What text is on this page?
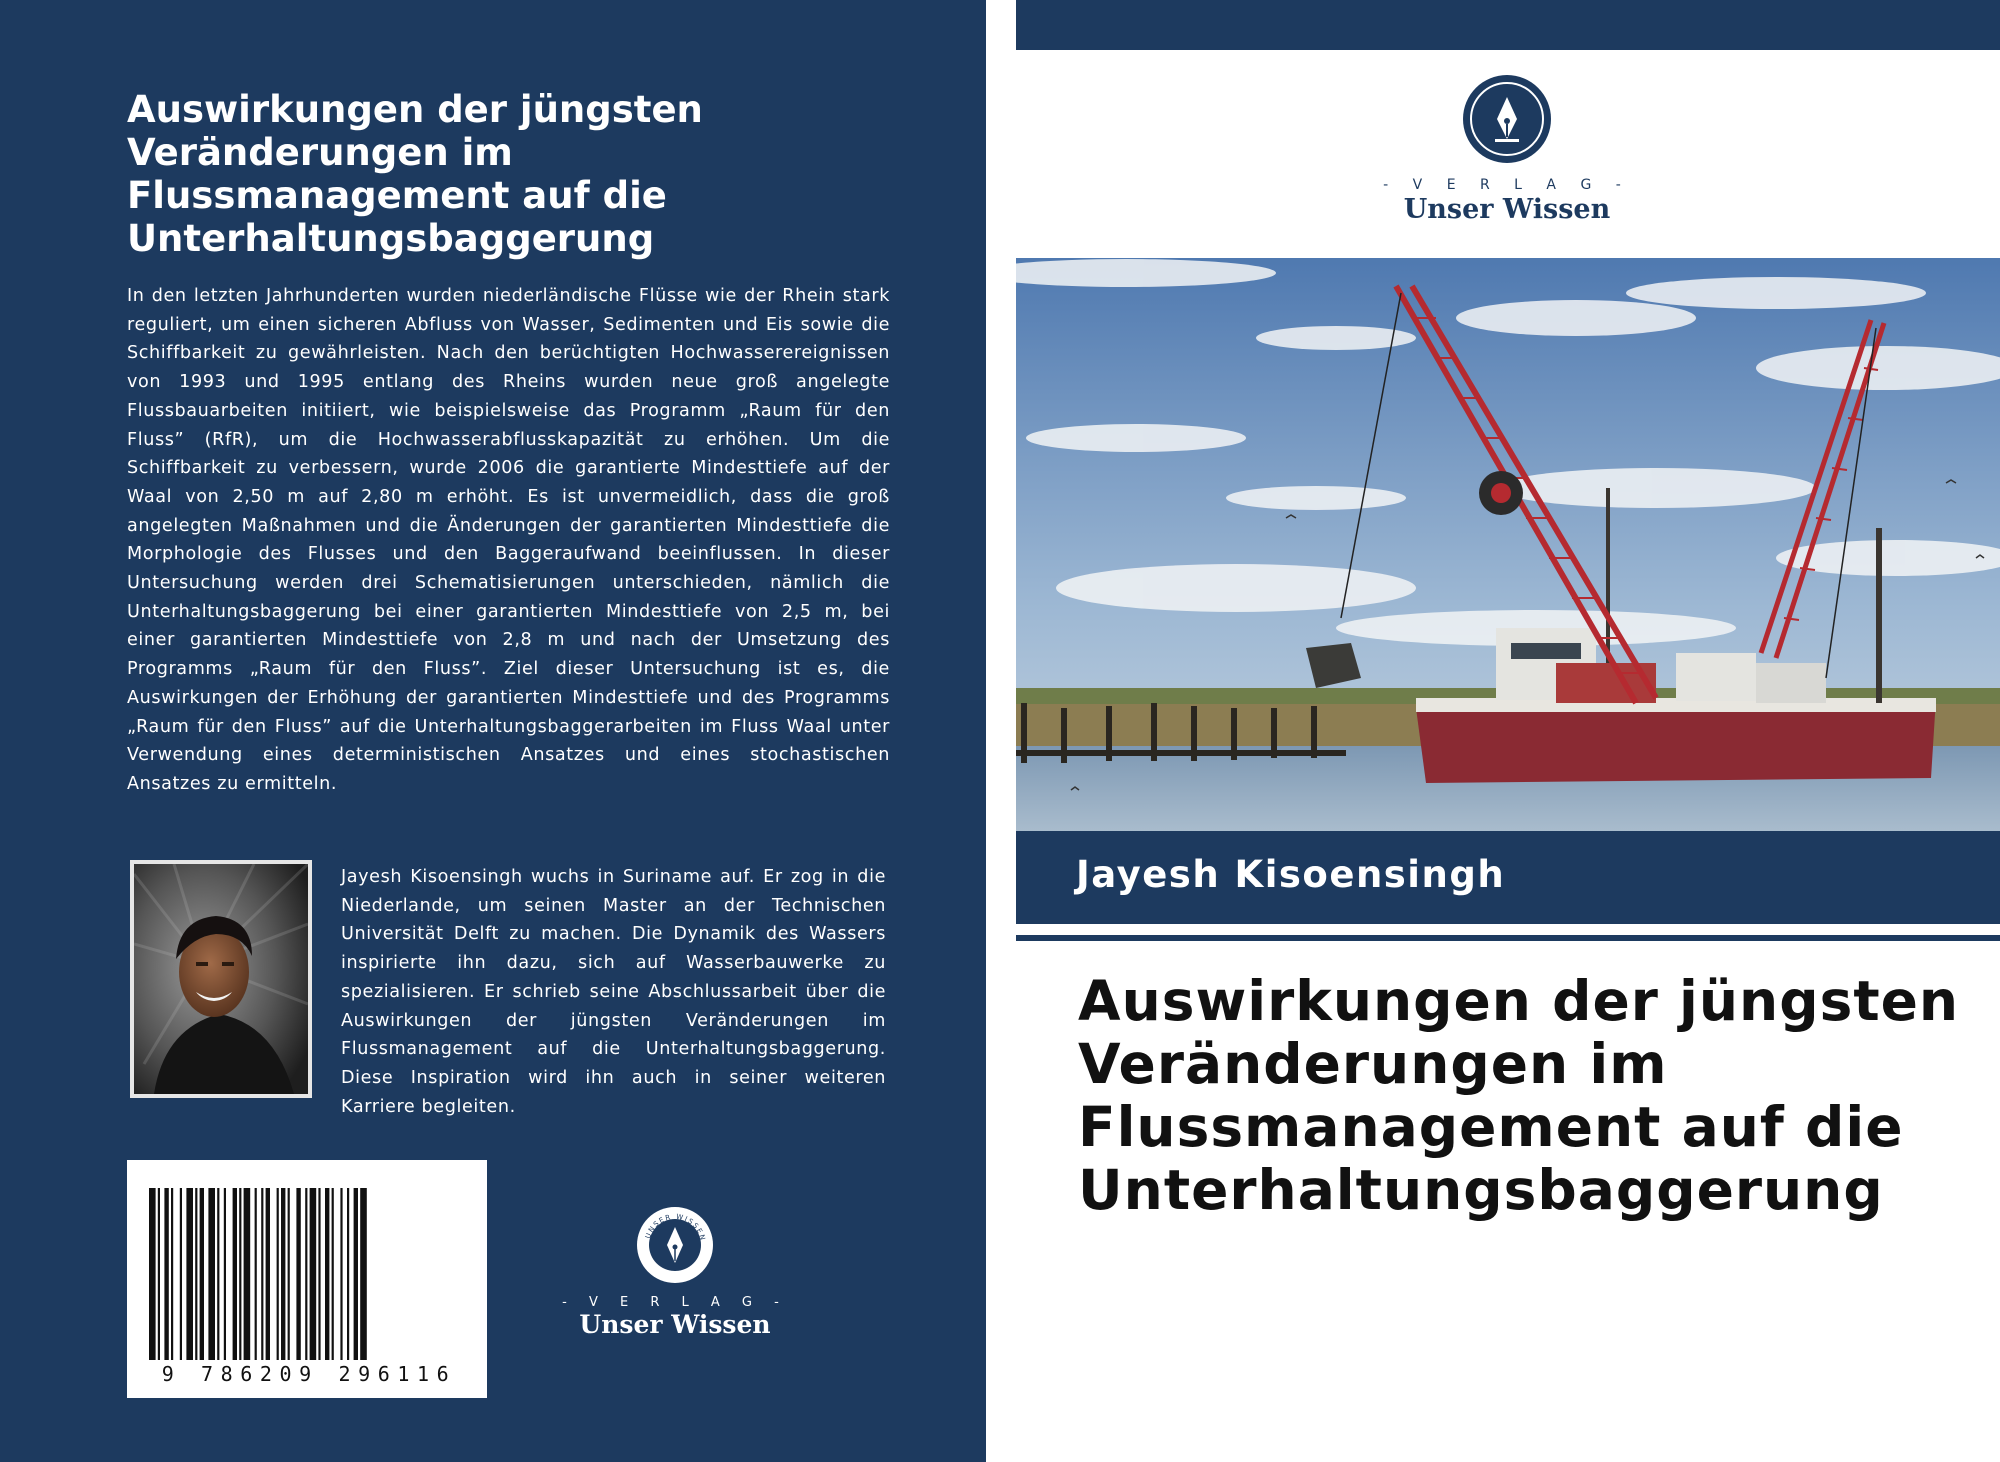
Auswirkungen der jüngsten Veränderungen im Flussmanagement auf die Unterhaltungsbaggerung

In den letzten Jahrhunderten wurden niederländische Flüsse wie der Rhein stark reguliert, um einen sicheren Abfluss von Wasser, Sedimenten und Eis sowie die Schiffbarkeit zu gewährleisten. Nach den berüchtigten Hochwasserereignissen von 1993 und 1995 entlang des Rheins wurden neue groß angelegte Flussbauarbeiten initiiert, wie beispielsweise das Programm „Raum für den Fluss” (RfR), um die Hochwasserabflusskapazität zu erhöhen. Um die Schiffbarkeit zu verbessern, wurde 2006 die garantierte Mindesttiefe auf der Waal von 2,50 m auf 2,80 m erhöht. Es ist unvermeidlich, dass die groß angelegten Maßnahmen und die Änderungen der garantierten Mindesttiefe die Morphologie des Flusses und den Baggeraufwand beeinflussen. In dieser Untersuchung werden drei Schematisierungen unterschieden, nämlich die Unterhaltungsbaggerung bei einer garantierten Mindesttiefe von 2,5 m, bei einer garantierten Mindesttiefe von 2,8 m und nach der Umsetzung des Programms „Raum für den Fluss”. Ziel dieser Untersuchung ist es, die Auswirkungen der Erhöhung der garantierten Mindesttiefe und des Programms „Raum für den Fluss” auf die Unterhaltungsbaggerarbeiten im Fluss Waal unter Verwendung eines deterministischen Ansatzes und eines stochastischen Ansatzes zu ermitteln.

Jayesh Kisoensingh wuchs in Suriname auf. Er zog in die Niederlande, um seinen Master an der Technischen Universität Delft zu machen. Die Dynamik des Wassers inspirierte ihn dazu, sich auf Wasserbauwerke zu spezialisieren. Er schrieb seine Abschlussarbeit über die Auswirkungen der jüngsten Veränderungen im Flussmanagement auf die Unterhaltungsbaggerung. Diese Inspiration wird ihn auch in seiner weiteren Karriere begleiten.

9 786209 296116
UNSER WISSEN
- V E R L A G -
Unser Wissen
- V E R L A G -
Unser Wissen
Jayesh Kisoensingh
Auswirkungen der jüngsten Veränderungen im Flussmanagement auf die Unterhaltungsbaggerung
